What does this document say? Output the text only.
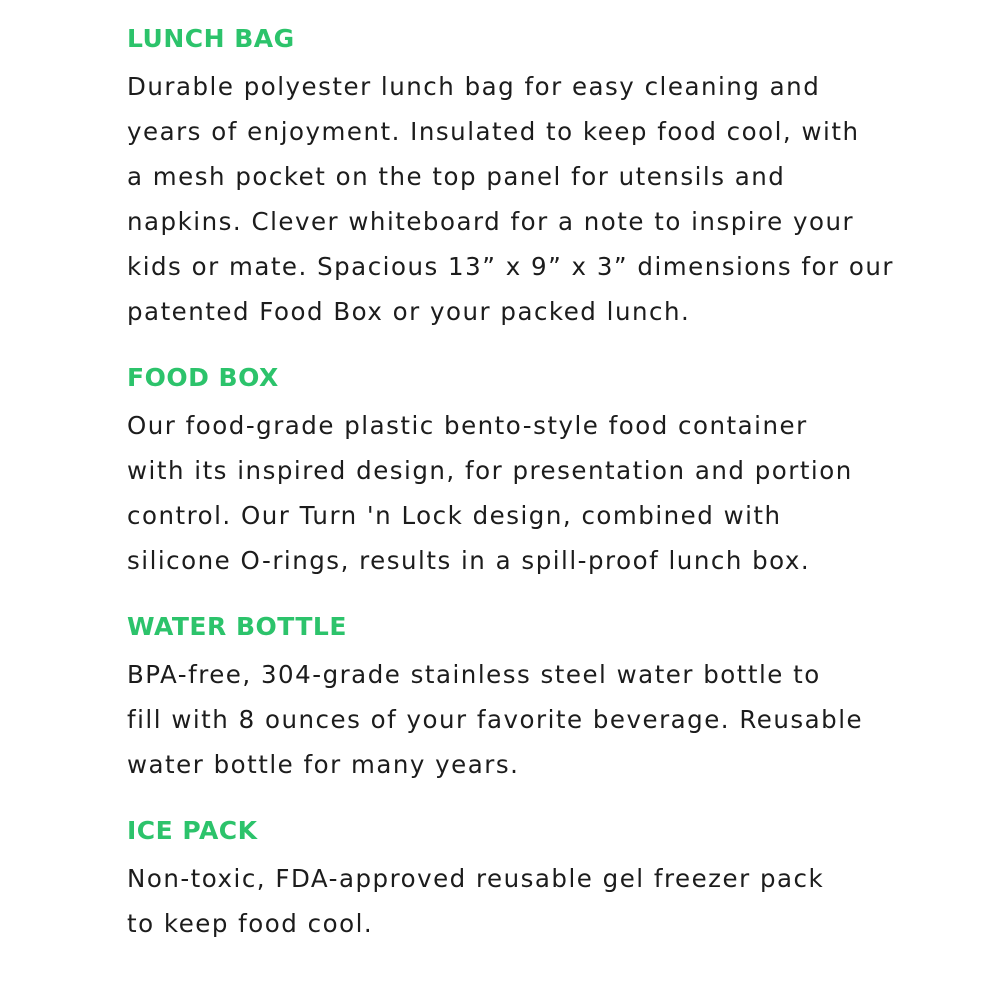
LUNCH BAG

Durable polyester lunch bag for easy cleaning and

years of enjoyment. Insulated to keep food cool, with

a mesh pocket on the top panel for utensils and

napkins. Clever whiteboard for a note to inspire your

kids or mate. Spacious 13” x 9” x 3” dimensions for our

patented Food Box or your packed lunch.

FOOD BOX

Our food-grade plastic bento-style food container

with its inspired design, for presentation and portion

control. Our Turn 'n Lock design, combined with

silicone O-rings, results in a spill-proof lunch box.

WATER BOTTLE

BPA-free, 304-grade stainless steel water bottle to

fill with 8 ounces of your favorite beverage. Reusable

water bottle for many years.

ICE PACK

Non-toxic, FDA-approved reusable gel freezer pack

to keep food cool.
